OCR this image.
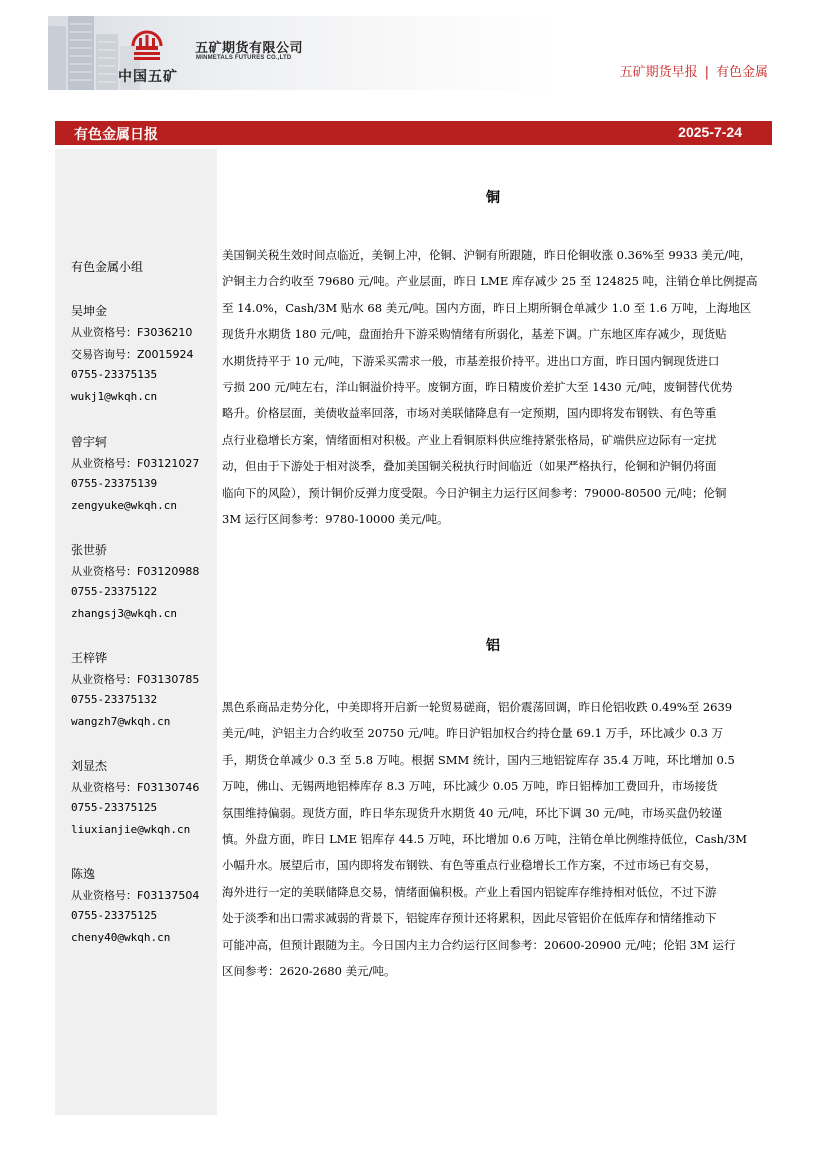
中国五矿
五矿期货有限公司
MINMETALS FUTURES CO.,LTD
五矿期货早报 | 有色金属
有色金属日报	2025-7-24
有色金属小组
吴坤金
从业资格号：F3036210
交易咨询号：Z0015924
0755-23375135
wukj1@wkqh.cn
曾宇轲
从业资格号：F03121027
0755-23375139
zengyuke@wkqh.cn
张世骄
从业资格号：F03120988
0755-23375122
zhangsj3@wkqh.cn
王梓铧
从业资格号：F03130785
0755-23375132
wangzh7@wkqh.cn
刘显杰
从业资格号：F03130746
0755-23375125
liuxianjie@wkqh.cn
陈逸
从业资格号：F03137504
0755-23375125
cheny40@wkqh.cn
铜
美国铜关税生效时间点临近，美铜上冲，伦铜、沪铜有所跟随，昨日伦铜收涨 0.36%至 9933 美元/吨，
沪铜主力合约收至 79680 元/吨。产业层面，昨日 LME 库存减少 25 至 124825 吨，注销仓单比例提高
至 14.0%，Cash/3M 贴水 68 美元/吨。国内方面，昨日上期所铜仓单减少 1.0 至 1.6 万吨，上海地区
现货升水期货 180 元/吨，盘面抬升下游采购情绪有所弱化，基差下调。广东地区库存减少，现货贴
水期货持平于 10 元/吨，下游采买需求一般，市基差报价持平。进出口方面，昨日国内铜现货进口
亏损 200 元/吨左右，洋山铜溢价持平。废铜方面，昨日精废价差扩大至 1430 元/吨，废铜替代优势
略升。价格层面，美债收益率回落，市场对美联储降息有一定预期，国内即将发布钢铁、有色等重
点行业稳增长方案，情绪面相对积极。产业上看铜原料供应维持紧张格局，矿端供应边际有一定扰
动，但由于下游处于相对淡季，叠加美国铜关税执行时间临近（如果严格执行，伦铜和沪铜仍将面
临向下的风险），预计铜价反弹力度受限。今日沪铜主力运行区间参考：79000-80500 元/吨；伦铜
3M 运行区间参考：9780-10000 美元/吨。
铝
黑色系商品走势分化，中美即将开启新一轮贸易磋商，铝价震荡回调，昨日伦铝收跌 0.49%至 2639
美元/吨，沪铝主力合约收至 20750 元/吨。昨日沪铝加权合约持仓量 69.1 万手，环比减少 0.3 万
手，期货仓单减少 0.3 至 5.8 万吨。根据 SMM 统计，国内三地铝锭库存 35.4 万吨，环比增加 0.5
万吨，佛山、无锡两地铝棒库存 8.3 万吨，环比减少 0.05 万吨，昨日铝棒加工费回升，市场接货
氛围维持偏弱。现货方面，昨日华东现货升水期货 40 元/吨，环比下调 30 元/吨，市场买盘仍较谨
慎。外盘方面，昨日 LME 铝库存 44.5 万吨，环比增加 0.6 万吨，注销仓单比例维持低位，Cash/3M
小幅升水。展望后市，国内即将发布钢铁、有色等重点行业稳增长工作方案，不过市场已有交易，
海外进行一定的美联储降息交易，情绪面偏积极。产业上看国内铝锭库存维持相对低位，不过下游
处于淡季和出口需求减弱的背景下，铝锭库存预计还将累积，因此尽管铝价在低库存和情绪推动下
可能冲高，但预计跟随为主。今日国内主力合约运行区间参考：20600-20900 元/吨；伦铝 3M 运行
区间参考：2620-2680 美元/吨。
